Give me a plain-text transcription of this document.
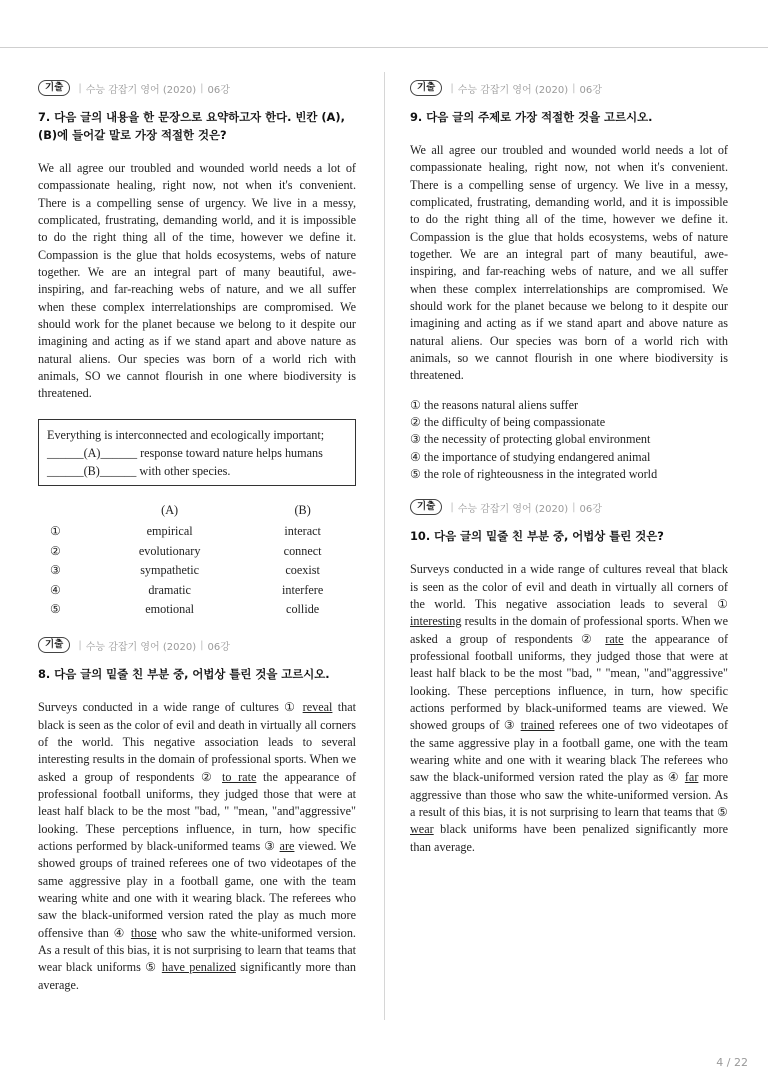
기출	| 수능 감잡기 영어 (2020) | 06강

7. 다음 글의 내용을 한 문장으로 요약하고자 한다. 빈칸 (A), (B)에 들어갈 말로 가장 적절한 것은?

We all agree our troubled and wounded world needs a lot of compassionate healing, right now, not when it's convenient. There is a compelling sense of urgency. We live in a messy, complicated, frustrating, demanding world, and it is impossible to do the right thing all of the time, however we define it. Compassion is the glue that holds ecosystems, webs of nature together. We are an integral part of many beautiful, awe-inspiring, and far-reaching webs of nature, and we all suffer when these complex interrelationships are compromised. We should work for the planet because we belong to it despite our imagining and acting as if we stand apart and above nature as natural aliens. Our species was born of a world rich with animals, SO we cannot flourish in one where biodiversity is threatened.

Everything is interconnected and ecologically important;
______(A)______ response toward nature helps humans
______(B)______ with other species.
	(A)	(B)
①	empirical	interact
②	evolutionary	connect
③	sympathetic	coexist
④	dramatic	interfere
⑤	emotional	collide
기출	| 수능 감잡기 영어 (2020) | 06강

8. 다음 글의 밑줄 친 부분 중, 어법상 틀린 것을 고르시오.

Surveys conducted in a wide range of cultures ① reveal that black is seen as the color of evil and death in virtually all corners of the world. This negative association leads to several interesting results in the domain of professional sports. When we asked a group of respondents ② to rate the appearance of professional football uniforms, they judged those that were at least half black to be the most "bad, " "mean, "and"aggressive" looking. These perceptions influence, in turn, how specific actions performed by black-uniformed teams ③ are viewed. We showed groups of trained referees one of two videotapes of the same aggressive play in a football game, one with the team wearing white and one with it wearing black. The referees who saw the black-uniformed version rated the play as much more offensive than ④ those who saw the white-uniformed version. As a result of this bias, it is not surprising to learn that teams that wear black uniforms ⑤ have penalized significantly more than average.

기출	| 수능 감잡기 영어 (2020) | 06강

9. 다음 글의 주제로 가장 적절한 것을 고르시오.

We all agree our troubled and wounded world needs a lot of compassionate healing, right now, not when it's convenient. There is a compelling sense of urgency. We live in a messy, complicated, frustrating, demanding world, and it is impossible to do the right thing all of the time, however we define it. Compassion is the glue that holds ecosystems, webs of nature together. We are an integral part of many beautiful, awe-inspiring, and far-reaching webs of nature, and we all suffer when these complex interrelationships are compromised. We should work for the planet because we belong to it despite our imagining and acting as if we stand apart and above nature as natural aliens. Our species was born of a world rich with animals, so we cannot flourish in one where biodiversity is threatened.

① the reasons natural aliens suffer
② the difficulty of being compassionate
③ the necessity of protecting global environment
④ the importance of studying endangered animal
⑤ the role of righteousness in the integrated world
기출	| 수능 감잡기 영어 (2020) | 06강

10. 다음 글의 밑줄 친 부분 중, 어법상 틀린 것은?

Surveys conducted in a wide range of cultures reveal that black is seen as the color of evil and death in virtually all corners of the world. This negative association leads to several ① interesting results in the domain of professional sports. When we asked a group of respondents ② rate the appearance of professional football uniforms, they judged those that were at least half black to be the most "bad, " "mean, "and"aggressive" looking. These perceptions influence, in turn, how specific actions performed by black-uniformed teams are viewed. We showed groups of ③ trained referees one of two videotapes of the same aggressive play in a football game, one with the team wearing white and one with it wearing black The referees who saw the black-uniformed version rated the play as ④ far more aggressive than those who saw the white-uniformed version. As a result of this bias, it is not surprising to learn that teams that ⑤ wear black uniforms have been penalized significantly more than average.

4 / 22
